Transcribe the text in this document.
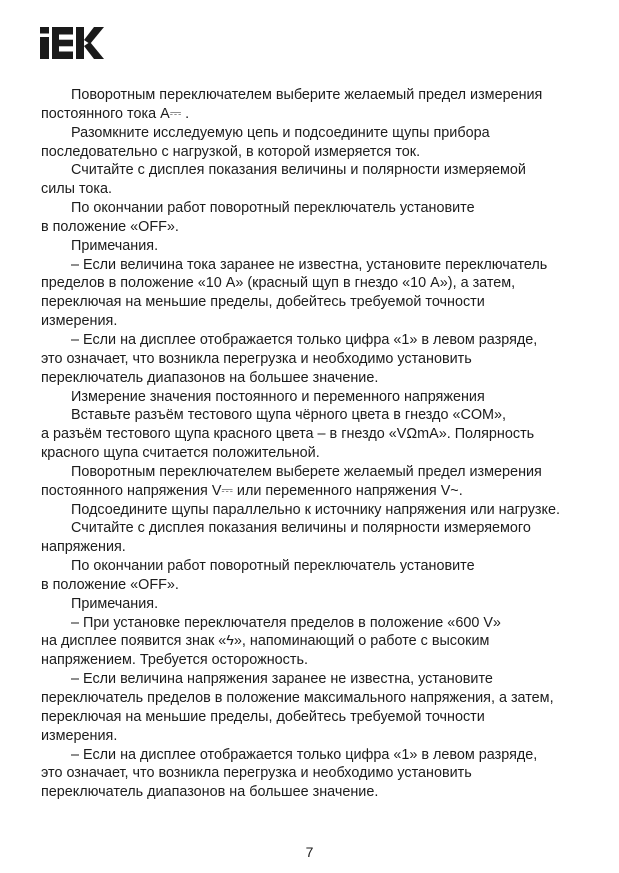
Поворотным переключателем выберите желаемый предел измерения
постоянного тока A⎓ .

Разомкните исследуемую цепь и подсоедините щупы прибора
последовательно с нагрузкой, в которой измеряется ток.

Считайте с дисплея показания величины и полярности измеряемой
силы тока.

По окончании работ поворотный переключатель установите
в положение «OFF».

Примечания.

– Если величина тока заранее не известна, установите переключатель
пределов в положение «10 A» (красный щуп в гнездо «10 A»), а затем,
переключая на меньшие пределы, добейтесь требуемой точности
измерения.

– Если на дисплее отображается только цифра «1» в левом разряде,
это означает, что возникла перегрузка и необходимо установить
переключатель диапазонов на большее значение.

Измерение значения постоянного и переменного напряжения

Вставьте разъём тестового щупа чёрного цвета в гнездо «COM»,
а разъём тестового щупа красного цвета – в гнездо «VΩmA». Полярность
красного щупа считается положительной.

Поворотным переключателем выберете желаемый предел измерения
постоянного напряжения V⎓ или переменного напряжения V~.

Подсоедините щупы параллельно к источнику напряжения или нагрузке.

Считайте с дисплея показания величины и полярности измеряемого
напряжения.

По окончании работ поворотный переключатель установите
в положение «OFF».

Примечания.

– При установке переключателя пределов в положение «600 V»
на дисплее появится знак «ϟ», напоминающий о работе с высоким
напряжением. Требуется осторожность.

– Если величина напряжения заранее не известна, установите
переключатель пределов в положение максимального напряжения, а затем,
переключая на меньшие пределы, добейтесь требуемой точности
измерения.

– Если на дисплее отображается только цифра «1» в левом разряде,
это означает, что возникла перегрузка и необходимо установить
переключатель диапазонов на большее значение.

7
